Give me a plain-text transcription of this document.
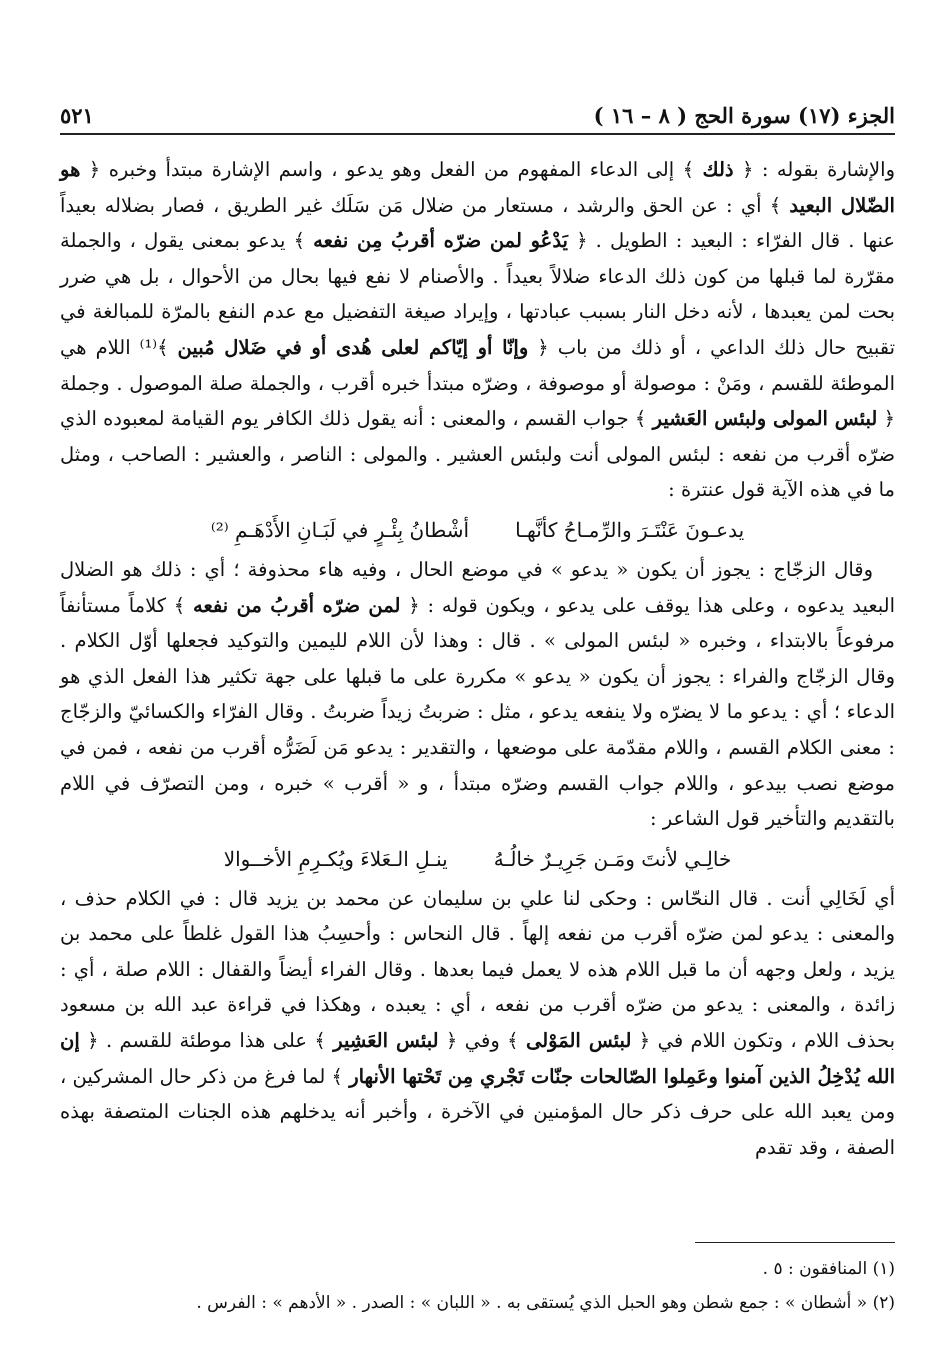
الجزء (١٧) سورة الحج ( ٨ – ١٦ )
٥٢١

والإشارة بقوله : ﴿ ذلك ﴾ إلى الدعاء المفهوم من الفعل وهو يدعو ، واسم الإشارة مبتدأ وخبره ﴿ هو الضّلال البعيد ﴾ أي : عن الحق والرشد ، مستعار من ضلال مَن سَلَك غير الطريق ، فصار بضلاله بعيداً عنها . قال الفرّاء : البعيد : الطويل . ﴿ يَدْعُو لمن ضرّه أقربُ مِن نفعه ﴾ يدعو بمعنى يقول ، والجملة مقرّرة لما قبلها من كون ذلك الدعاء ضلالاً بعيداً . والأصنام لا نفع فيها بحال من الأحوال ، بل هي ضرر بحت لمن يعبدها ، لأنه دخل النار بسبب عبادتها ، وإيراد صيغة التفضيل مع عدم النفع بالمرّة للمبالغة في تقبيح حال ذلك الداعي ، أو ذلك من باب ﴿ وإنّا أو إيّاكم لعلى هُدى أو في ضَلال مُبين ﴾⁽¹⁾ اللام هي الموطئة للقسم ، ومَنْ : موصولة أو موصوفة ، وضرّه مبتدأ خبره أقرب ، والجملة صلة الموصول . وجملة ﴿ لبئس المولى ولبئس العَشير ﴾ جواب القسم ، والمعنى : أنه يقول ذلك الكافر يوم القيامة لمعبوده الذي ضرّه أقرب من نفعه : لبئس المولى أنت ولبئس العشير . والمولى : الناصر ، والعشير : الصاحب ، ومثل ما في هذه الآية قول عنترة :

يدعـونَ عَنْتَـرَ والرِّمـاحُ كأنَّهـا
أشْطانُ بِئْـرٍ في لَبَـانِ الأَدْهَـمِ ⁽²⁾

وقال الزجّاج : يجوز أن يكون « يدعو » في موضع الحال ، وفيه هاء محذوفة ؛ أي : ذلك هو الضلال البعيد يدعوه ، وعلى هذا يوقف على يدعو ، ويكون قوله : ﴿ لمن ضرّه أقربُ من نفعه ﴾ كلاماً مستأنفاً مرفوعاً بالابتداء ، وخبره « لبئس المولى » . قال : وهذا لأن اللام لليمين والتوكيد فجعلها أوّل الكلام . وقال الزجّاج والفراء : يجوز أن يكون « يدعو » مكررة على ما قبلها على جهة تكثير هذا الفعل الذي هو الدعاء ؛ أي : يدعو ما لا يضرّه ولا ينفعه يدعو ، مثل : ضربتُ زيداً ضربتُ . وقال الفرّاء والكسائيّ والزجّاج : معنى الكلام القسم ، واللام مقدّمة على موضعها ، والتقدير : يدعو مَن لَضَرُّه أقرب من نفعه ، فمن في موضع نصب بيدعو ، واللام جواب القسم وضرّه مبتدأ ، و « أقرب » خبره ، ومن التصرّف في اللام بالتقديم والتأخير قول الشاعر :

خالِـي لأنتَ ومَـن جَرِيـرٌ خالُـهُ
ينـلِ الـعَلاءَ ويُكـرِمِ الأخــوالا

أي لَخَالِي أنت . قال النحّاس : وحكى لنا علي بن سليمان عن محمد بن يزيد قال : في الكلام حذف ، والمعنى : يدعو لمن ضرّه أقرب من نفعه إلهاً . قال النحاس : وأحسِبُ هذا القول غلطاً على محمد بن يزيد ، ولعل وجهه أن ما قبل اللام هذه لا يعمل فيما بعدها . وقال الفراء أيضاً والقفال : اللام صلة ، أي : زائدة ، والمعنى : يدعو من ضرّه أقرب من نفعه ، أي : يعبده ، وهكذا في قراءة عبد الله بن مسعود بحذف اللام ، وتكون اللام في ﴿ لبئس المَوْلى ﴾ وفي ﴿ لبئس العَشِير ﴾ على هذا موطئة للقسم . ﴿ إن الله يُدْخِلُ الذين آمنوا وعَمِلوا الصّالحات جنّات تَجْري مِن تَحْتها الأنهار ﴾ لما فرغ من ذكر حال المشركين ، ومن يعبد الله على حرف ذكر حال المؤمنين في الآخرة ، وأخبر أنه يدخلهم هذه الجنات المتصفة بهذه الصفة ، وقد تقدم

(١) المنافقون : ٥ .

(٢) « أشطان » : جمع شطن وهو الحبل الذي يُستقى به . « اللبان » : الصدر . « الأدهم » : الفرس .
